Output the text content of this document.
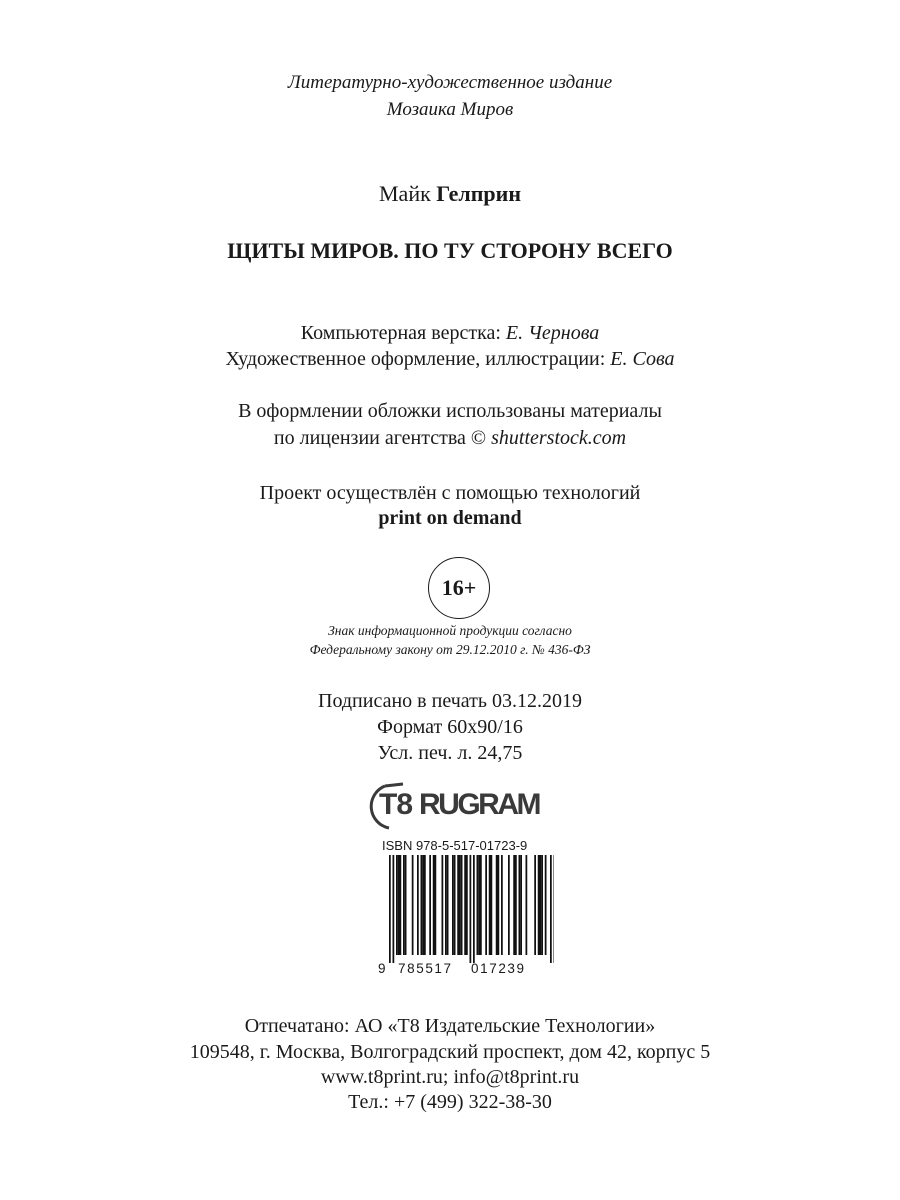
Литературно-художественное издание
Мозаика Миров
Майк Гелприн
ЩИТЫ МИРОВ. ПО ТУ СТОРОНУ ВСЕГО
Компьютерная верстка: Е. Чернова
Художественное оформление, иллюстрации: Е. Сова
В оформлении обложки использованы материалы
по лицензии агентства © shutterstock.com
Проект осуществлён с помощью технологий
print on demand
16+
Знак информационной продукции согласно
Федеральному закону от 29.12.2010 г. № 436-ФЗ
Подписано в печать 03.12.2019
Формат 60х90/16
Усл. печ. л. 24,75
T8 RUGRAM
ISBN 978-5-517-01723-9
9 785517 017239
Отпечатано: АО «Т8 Издательские Технологии»
109548, г. Москва, Волгоградский проспект, дом 42, корпус 5
www.t8print.ru; info@t8print.ru
Тел.: +7 (499) 322-38-30
